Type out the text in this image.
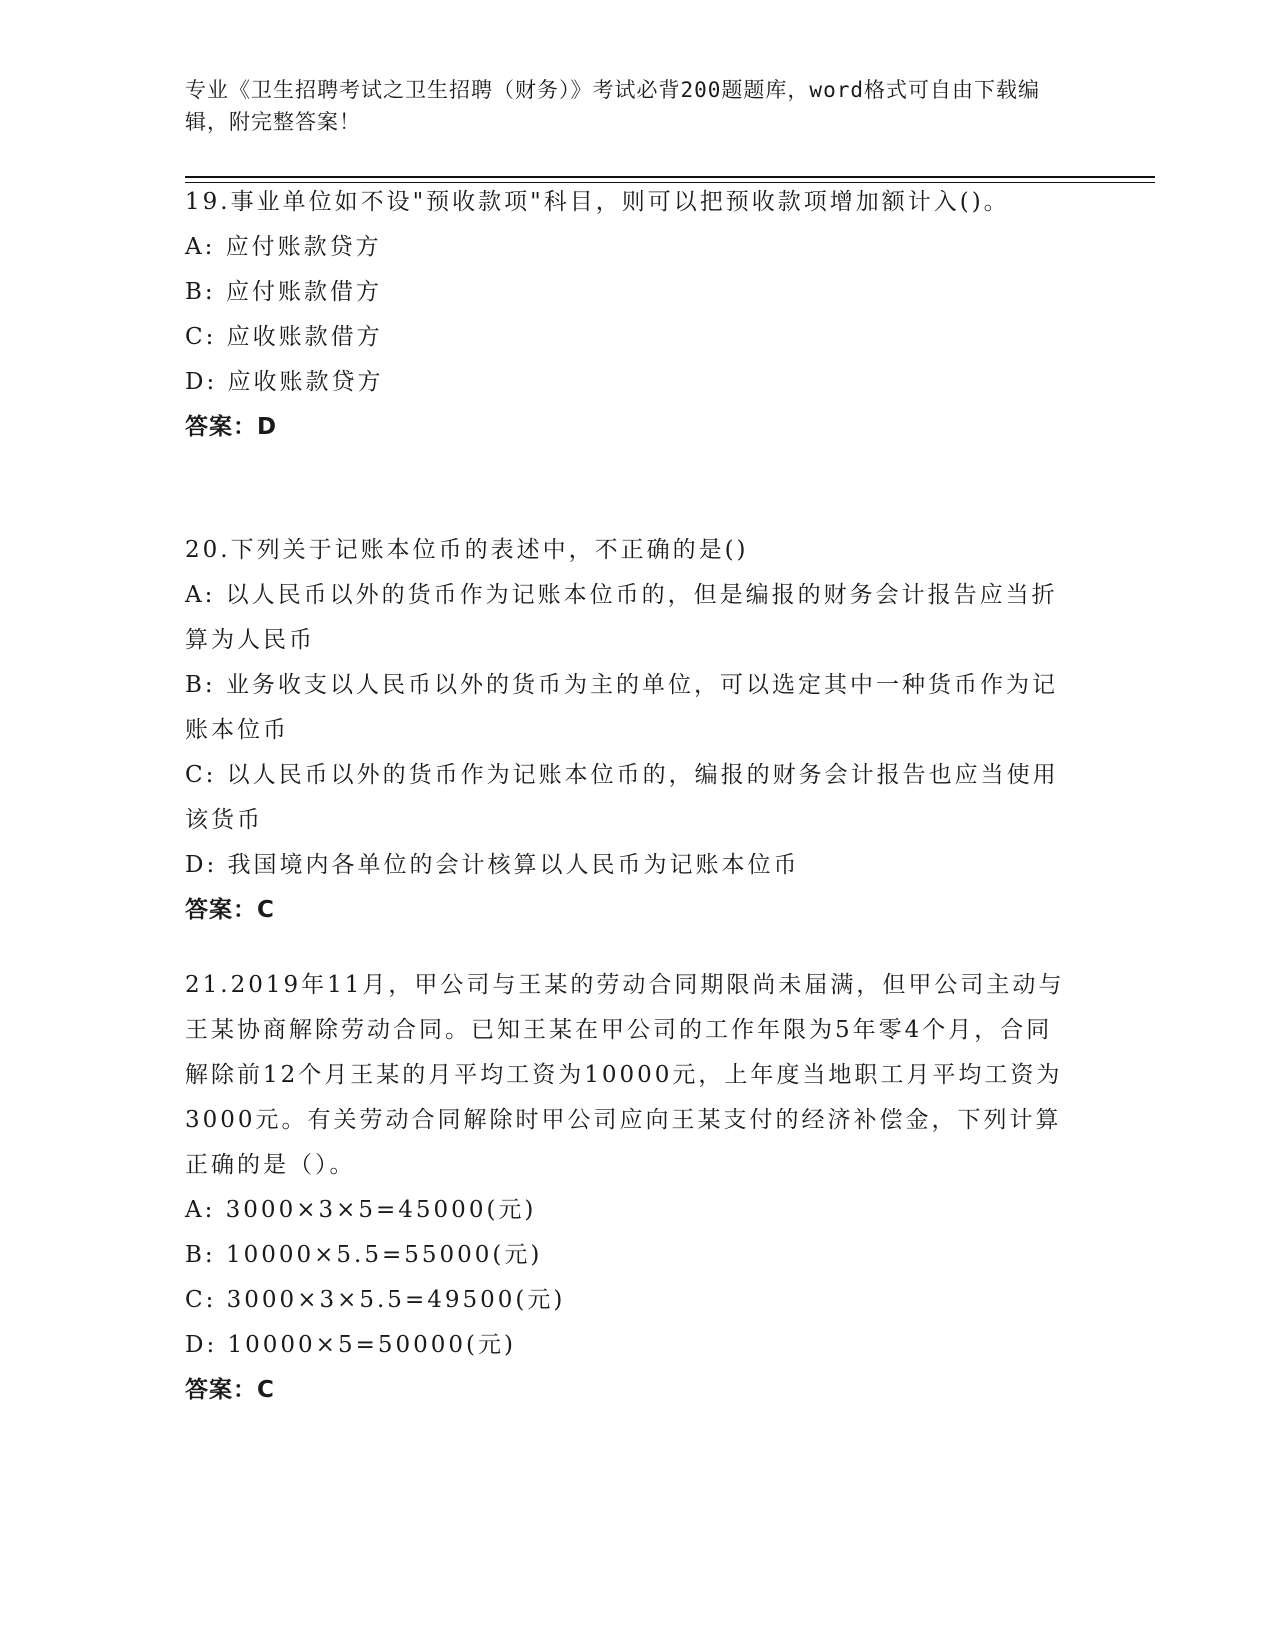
专业《卫生招聘考试之卫生招聘（财务）》考试必背200题题库，word格式可自由下载编辑，附完整答案！
19.事业单位如不设"预收款项"科目，则可以把预收款项增加额计入()。
A: 应付账款贷方
B: 应付账款借方
C: 应收账款借方
D: 应收账款贷方
答案：D
20.下列关于记账本位币的表述中，不正确的是()
A: 以人民币以外的货币作为记账本位币的，但是编报的财务会计报告应当折算为人民币
B: 业务收支以人民币以外的货币为主的单位，可以选定其中一种货币作为记账本位币
C: 以人民币以外的货币作为记账本位币的，编报的财务会计报告也应当使用该货币
D: 我国境内各单位的会计核算以人民币为记账本位币
答案：C
21.2019年11月，甲公司与王某的劳动合同期限尚未届满，但甲公司主动与王某协商解除劳动合同。已知王某在甲公司的工作年限为5年零4个月，合同解除前12个月王某的月平均工资为10000元，上年度当地职工月平均工资为3000元。有关劳动合同解除时甲公司应向王某支付的经济补偿金，下列计算正确的是（）。
A: 3000×3×5=45000(元)
B: 10000×5.5=55000(元)
C: 3000×3×5.5=49500(元)
D: 10000×5=50000(元)
答案：C
